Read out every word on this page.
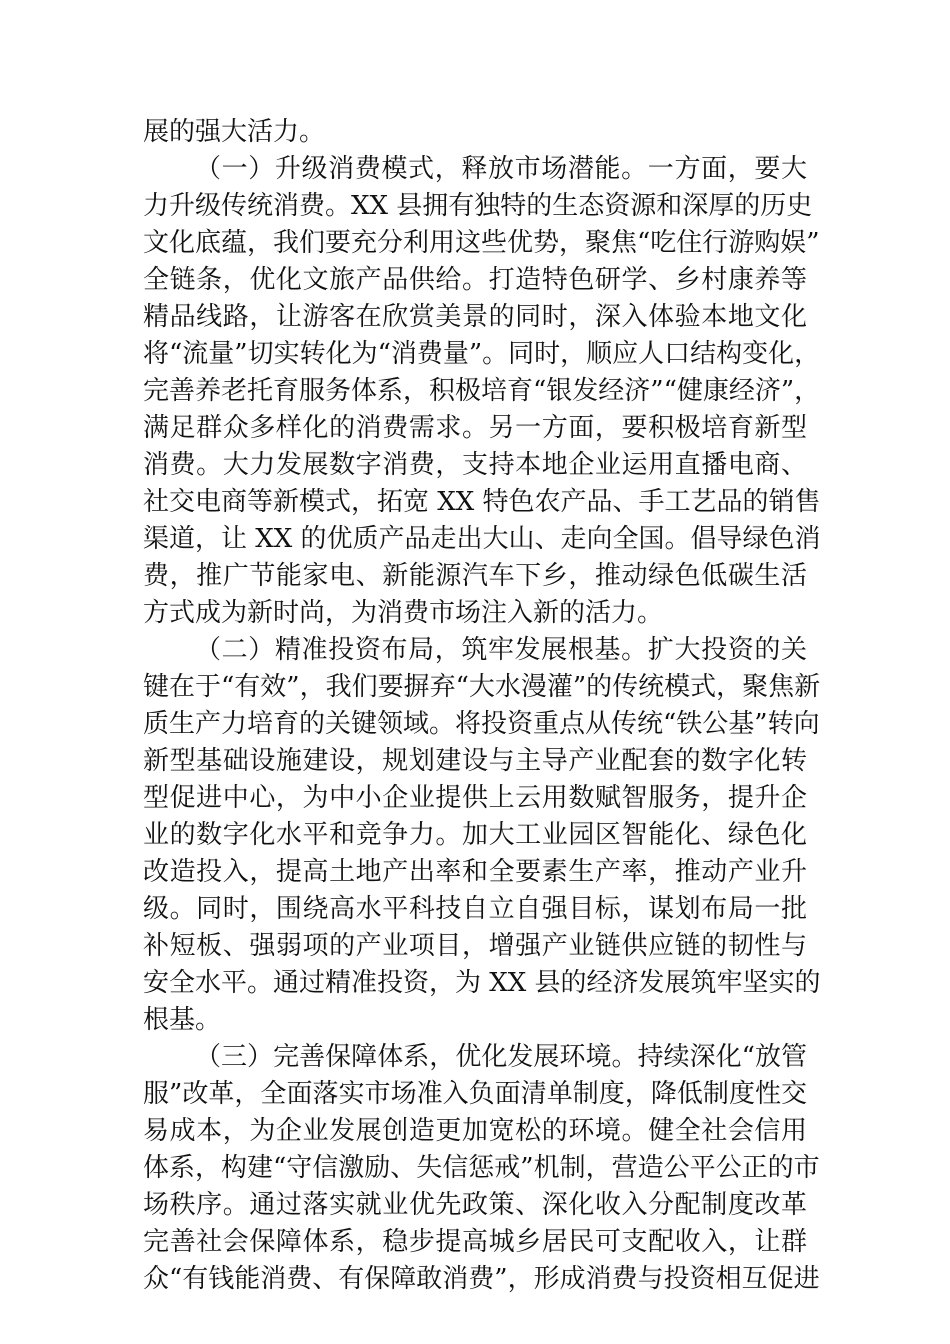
展的强大活力。
（一）升级消费模式，释放市场潜能。一方面，要大
力升级传统消费。XX 县拥有独特的生态资源和深厚的历史
文化底蕴，我们要充分利用这些优势，聚焦“吃住行游购娱”
全链条，优化文旅产品供给。打造特色研学、乡村康养等
精品线路，让游客在欣赏美景的同时，深入体验本地文化
将“流量”切实转化为“消费量”。同时，顺应人口结构变化，
完善养老托育服务体系，积极培育“银发经济”“健康经济”，
满足群众多样化的消费需求。另一方面，要积极培育新型
消费。大力发展数字消费，支持本地企业运用直播电商、
社交电商等新模式，拓宽 XX 特色农产品、手工艺品的销售
渠道，让 XX 的优质产品走出大山、走向全国。倡导绿色消
费，推广节能家电、新能源汽车下乡，推动绿色低碳生活
方式成为新时尚，为消费市场注入新的活力。
（二）精准投资布局，筑牢发展根基。扩大投资的关
键在于“有效”，我们要摒弃“大水漫灌”的传统模式，聚焦新
质生产力培育的关键领域。将投资重点从传统“铁公基”转向
新型基础设施建设，规划建设与主导产业配套的数字化转
型促进中心，为中小企业提供上云用数赋智服务，提升企
业的数字化水平和竞争力。加大工业园区智能化、绿色化
改造投入，提高土地产出率和全要素生产率，推动产业升
级。同时，围绕高水平科技自立自强目标，谋划布局一批
补短板、强弱项的产业项目，增强产业链供应链的韧性与
安全水平。通过精准投资，为 XX 县的经济发展筑牢坚实的
根基。
（三）完善保障体系，优化发展环境。持续深化“放管
服”改革，全面落实市场准入负面清单制度，降低制度性交
易成本，为企业发展创造更加宽松的环境。健全社会信用
体系，构建“守信激励、失信惩戒”机制，营造公平公正的市
场秩序。通过落实就业优先政策、深化收入分配制度改革
完善社会保障体系，稳步提高城乡居民可支配收入，让群
众“有钱能消费、有保障敢消费”，形成消费与投资相互促进
